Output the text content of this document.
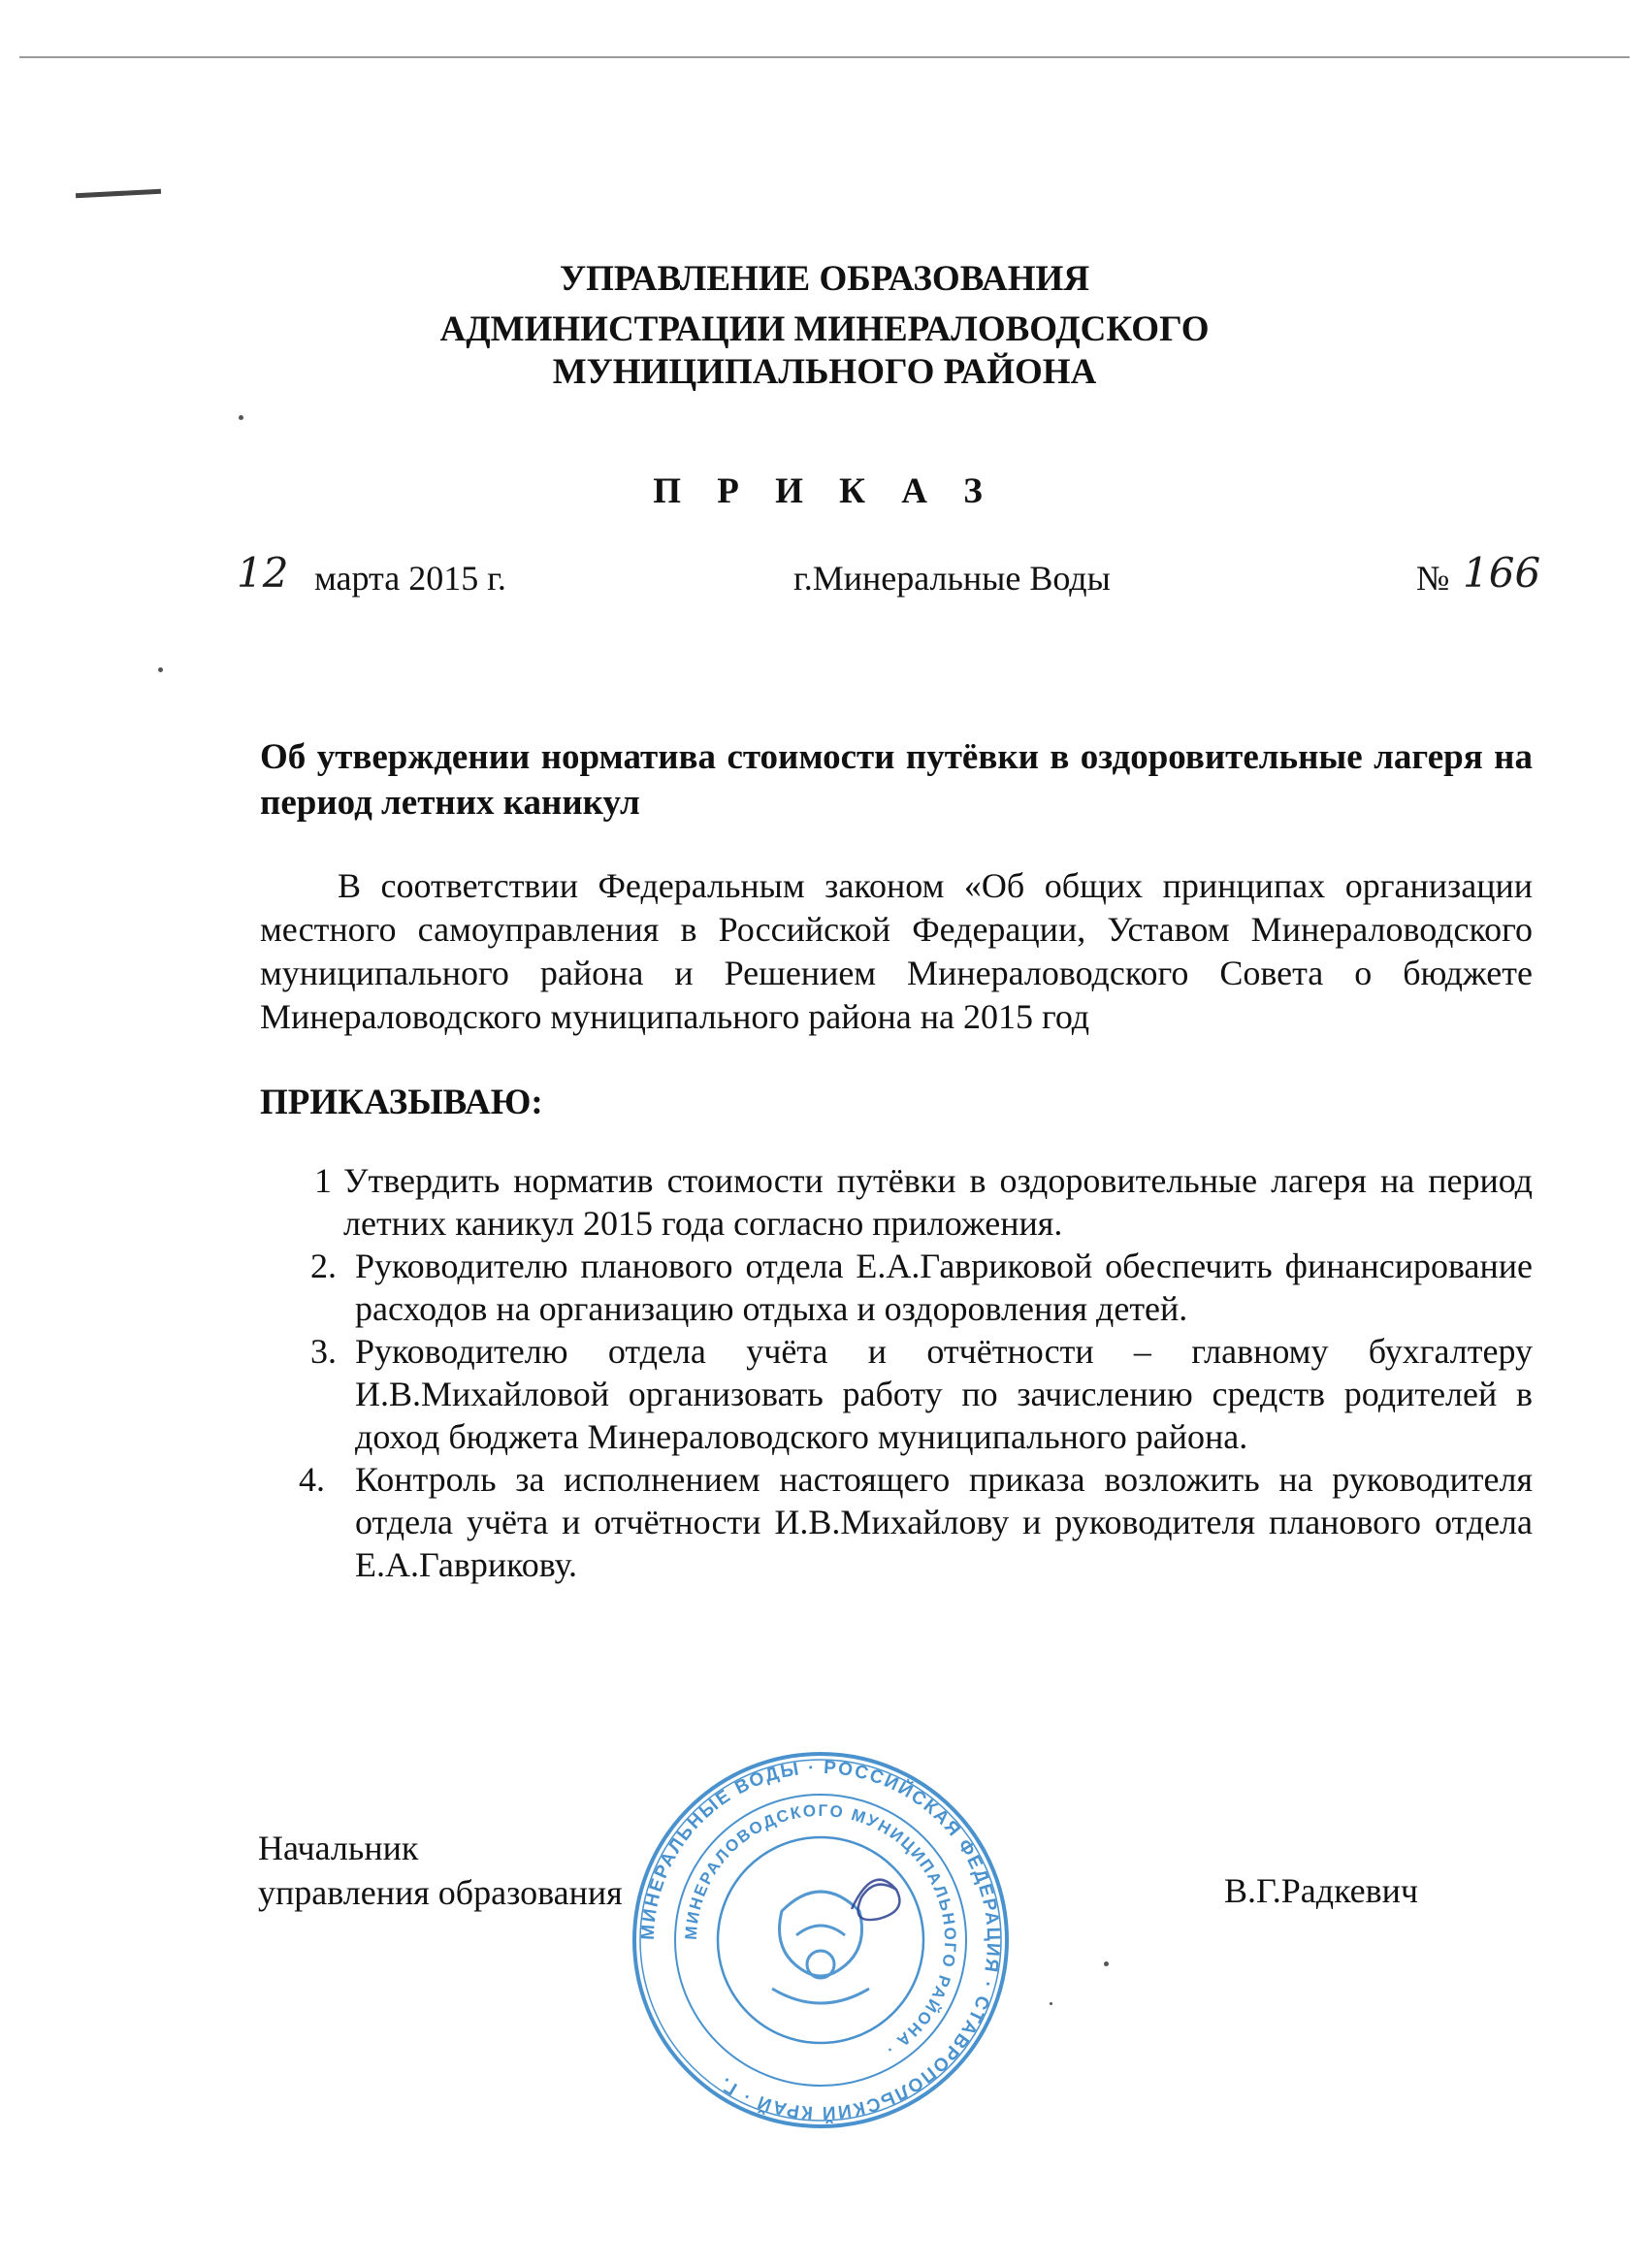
УПРАВЛЕНИЕ ОБРАЗОВАНИЯ
АДМИНИСТРАЦИИ МИНЕРАЛОВОДСКОГО
МУНИЦИПАЛЬНОГО РАЙОНА
П Р И К А З
12 марта 2015 г.	г.Минеральные Воды	№ 166
Об утверждении норматива стоимости путёвки в оздоровительные лагеря на период летних каникул
В соответствии Федеральным законом «Об общих принципах организации местного самоуправления в Российской Федерации, Уставом Минераловодского муниципального района и Решением Минераловодского Совета о бюджете Минераловодского муниципального района на 2015 год
ПРИКАЗЫВАЮ:
1 Утвердить норматив стоимости путёвки в оздоровительные лагеря на период летних каникул 2015 года согласно приложения.
2. Руководителю планового отдела Е.А.Гавриковой обеспечить финансирование расходов на организацию отдыха и оздоровления детей.
3. Руководителю отдела учёта и отчётности – главному бухгалтеру И.В.Михайловой организовать работу по зачислению средств родителей в доход бюджета Минераловодского муниципального района.
4. Контроль за исполнением настоящего приказа возложить на руководителя отдела учёта и отчётности И.В.Михайлову и руководителя планового отдела Е.А.Гаврикову.
Начальник
управления образования	В.Г.Радкевич
МИНЕРАЛЬНЫЕ ВОДЫ · РОССИЙСКАЯ ФЕДЕРАЦИЯ · СТАВРОПОЛЬСКИЙ КРАЙ · Г.
МИНЕРАЛОВОДСКОГО МУНИЦИПАЛЬНОГО РАЙОНА ·
